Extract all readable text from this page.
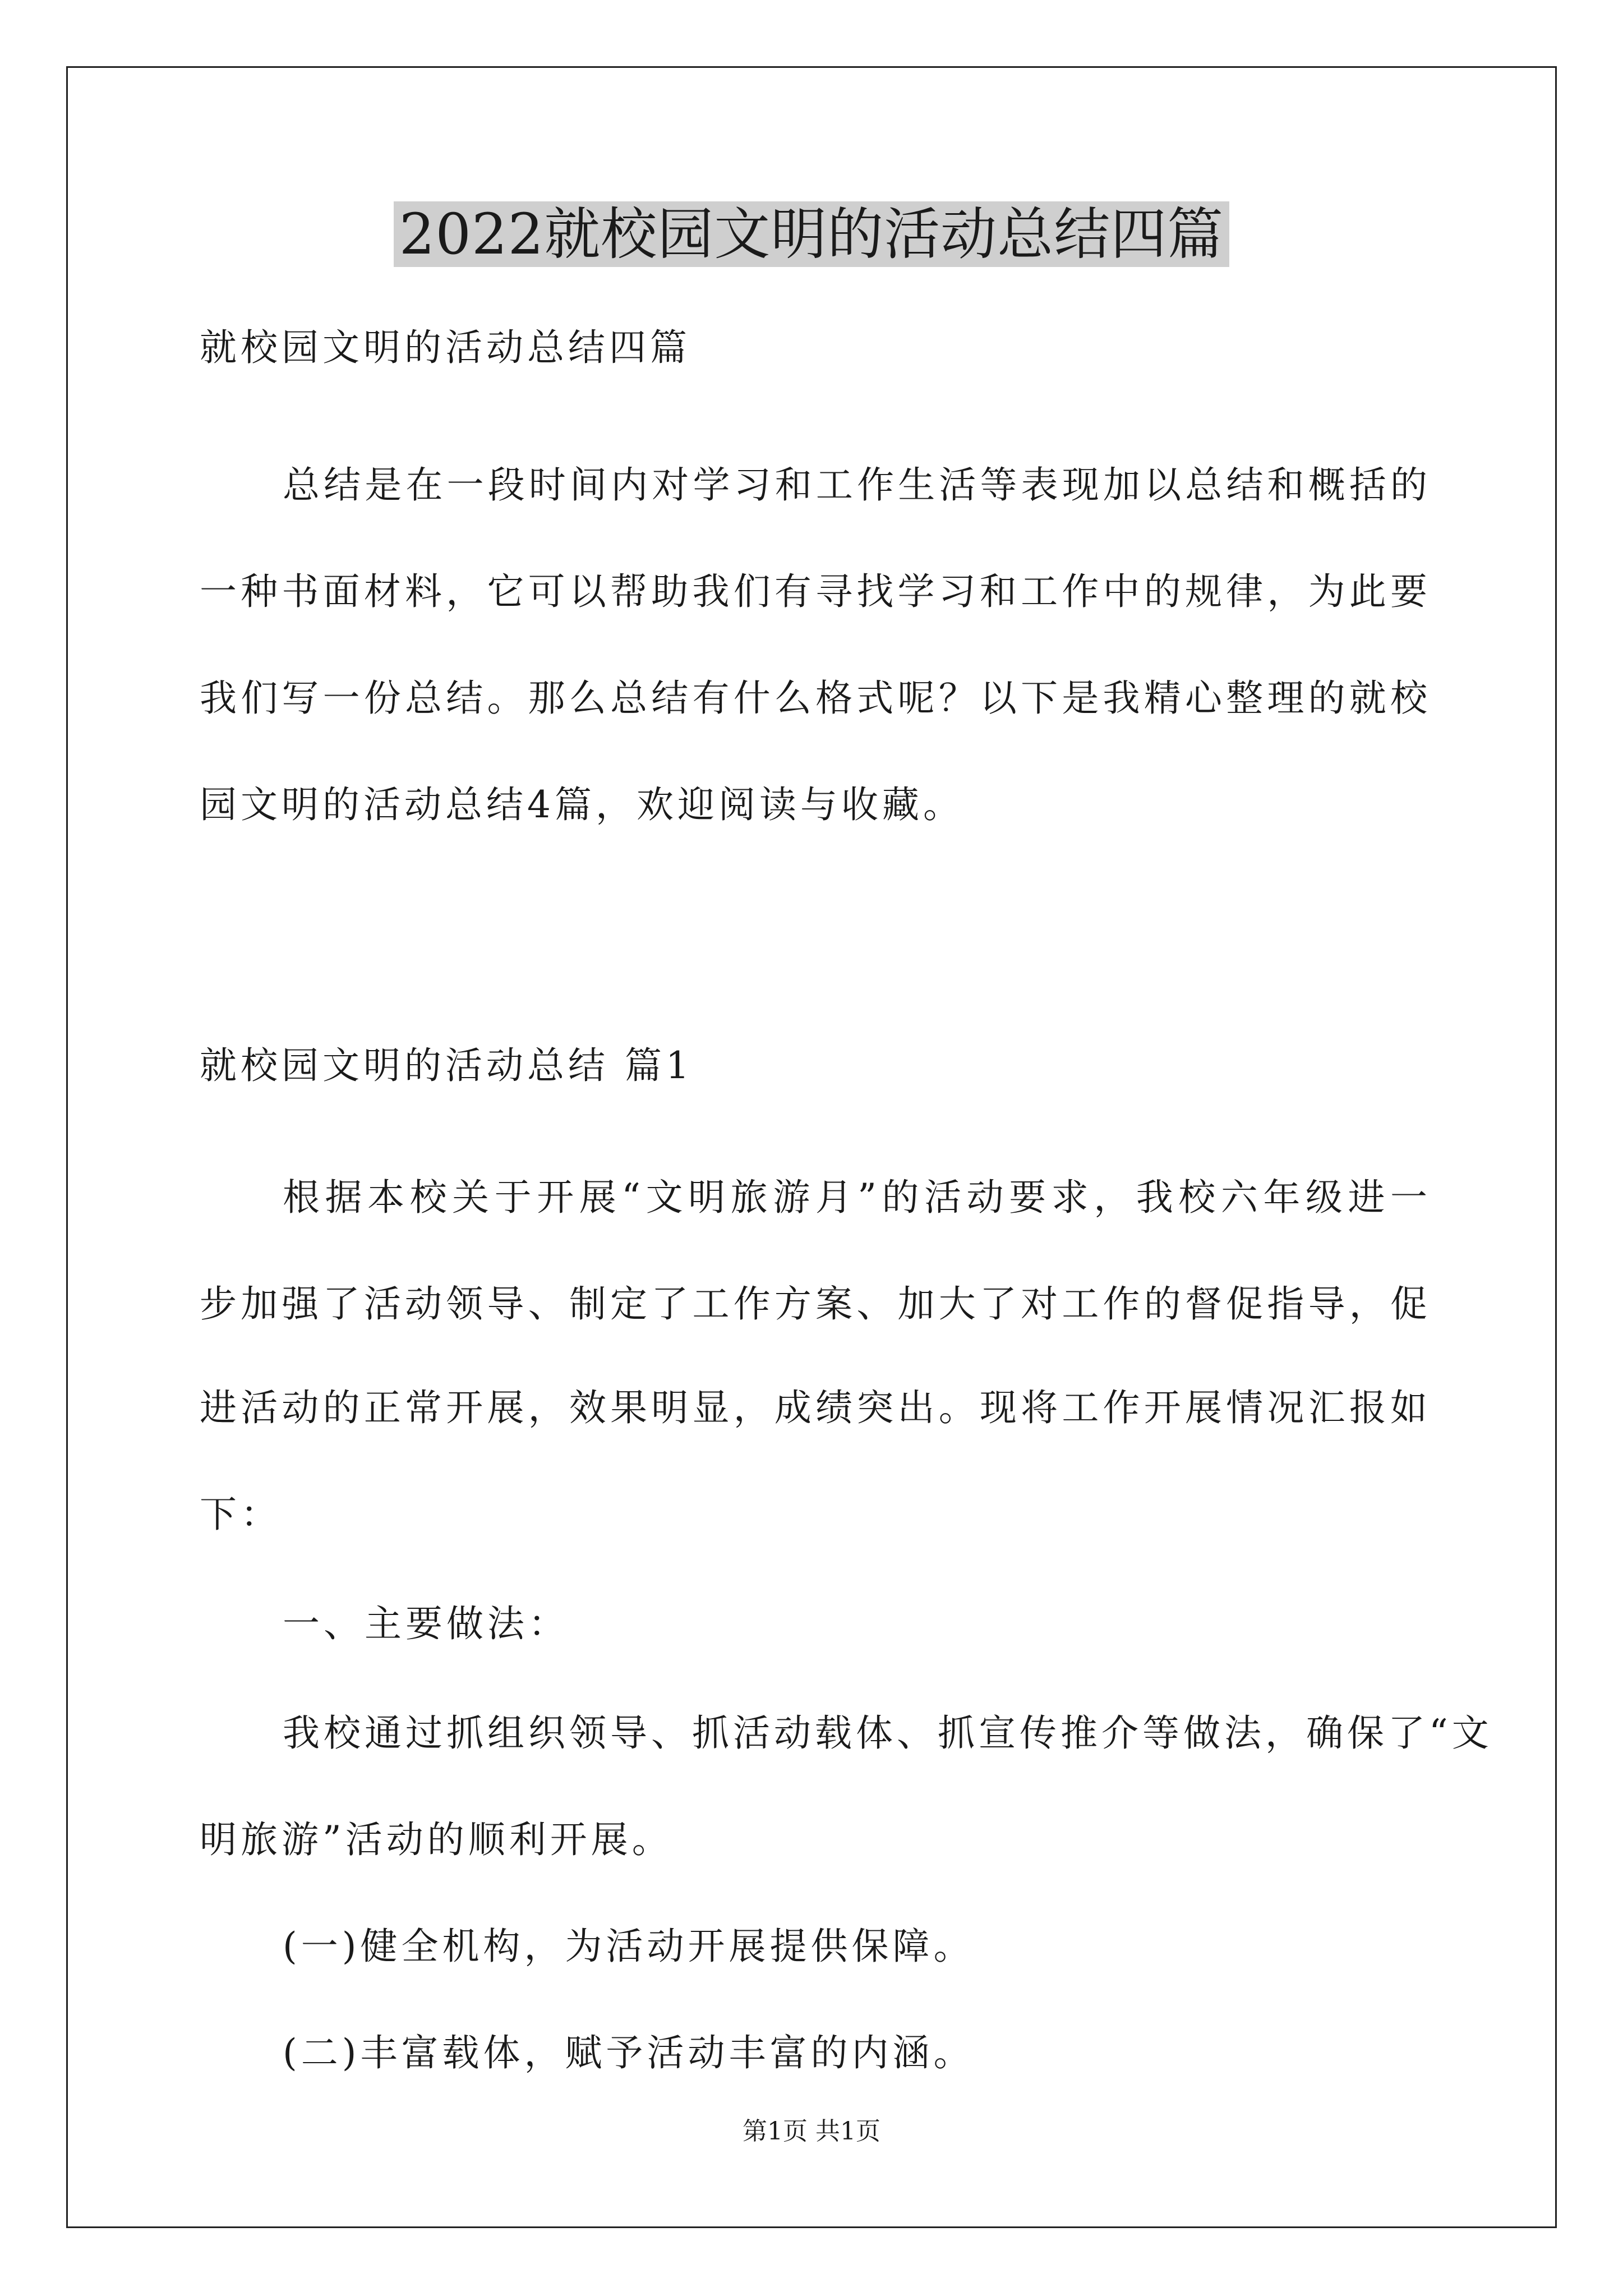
2022就校园文明的活动总结四篇
就校园文明的活动总结四篇
总结是在一段时间内对学习和工作生活等表现加以总结和概括的
一种书面材料，它可以帮助我们有寻找学习和工作中的规律，为此要
我们写一份总结。那么总结有什么格式呢？以下是我精心整理的就校
园文明的活动总结4篇，欢迎阅读与收藏。
就校园文明的活动总结 篇1
根据本校关于开展“文明旅游月”的活动要求，我校六年级进一
步加强了活动领导、制定了工作方案、加大了对工作的督促指导，促
进活动的正常开展，效果明显，成绩突出。现将工作开展情况汇报如
下：
一、主要做法：
我校通过抓组织领导、抓活动载体、抓宣传推介等做法，确保了“文
明旅游”活动的顺利开展。
(一)健全机构，为活动开展提供保障。
(二)丰富载体，赋予活动丰富的内涵。
第1页 共1页
